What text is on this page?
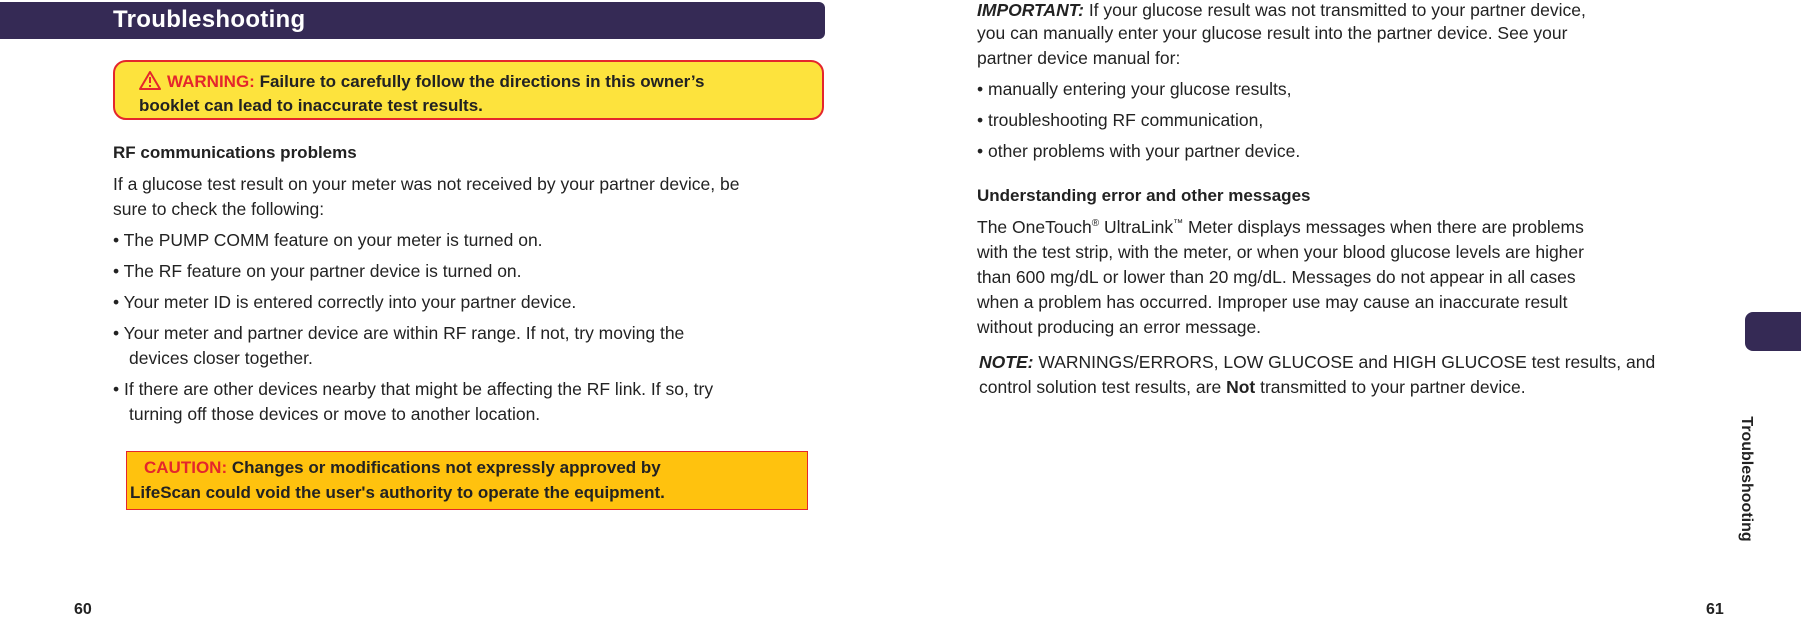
Troubleshooting
WARNING: Failure to carefully follow the directions in this owner’s
booklet can lead to inaccurate test results.
RF communications problems
If a glucose test result on your meter was not received by your partner device, be
sure to check the following:
• The PUMP COMM feature on your meter is turned on.
• The RF feature on your partner device is turned on.
• Your meter ID is entered correctly into your partner device.
• Your meter and partner device are within RF range. If not, try moving the
devices closer together.
• If there are other devices nearby that might be affecting the RF link. If so, try
turning off those devices or move to another location.
CAUTION: Changes or modifications not expressly approved by
LifeScan could void the user's authority to operate the equipment.
60
IMPORTANT: If your glucose result was not transmitted to your partner device,
you can manually enter your glucose result into the partner device. See your
partner device manual for:
• manually entering your glucose results,
• troubleshooting RF communication,
• other problems with your partner device.
Understanding error and other messages
The OneTouch® UltraLink™ Meter displays messages when there are problems
with the test strip, with the meter, or when your blood glucose levels are higher
than 600 mg/dL or lower than 20 mg/dL. Messages do not appear in all cases
when a problem has occurred. Improper use may cause an inaccurate result
without producing an error message.
NOTE: WARNINGS/ERRORS, LOW GLUCOSE and HIGH GLUCOSE test results, and
control solution test results, are Not transmitted to your partner device.
Troubleshooting
61
